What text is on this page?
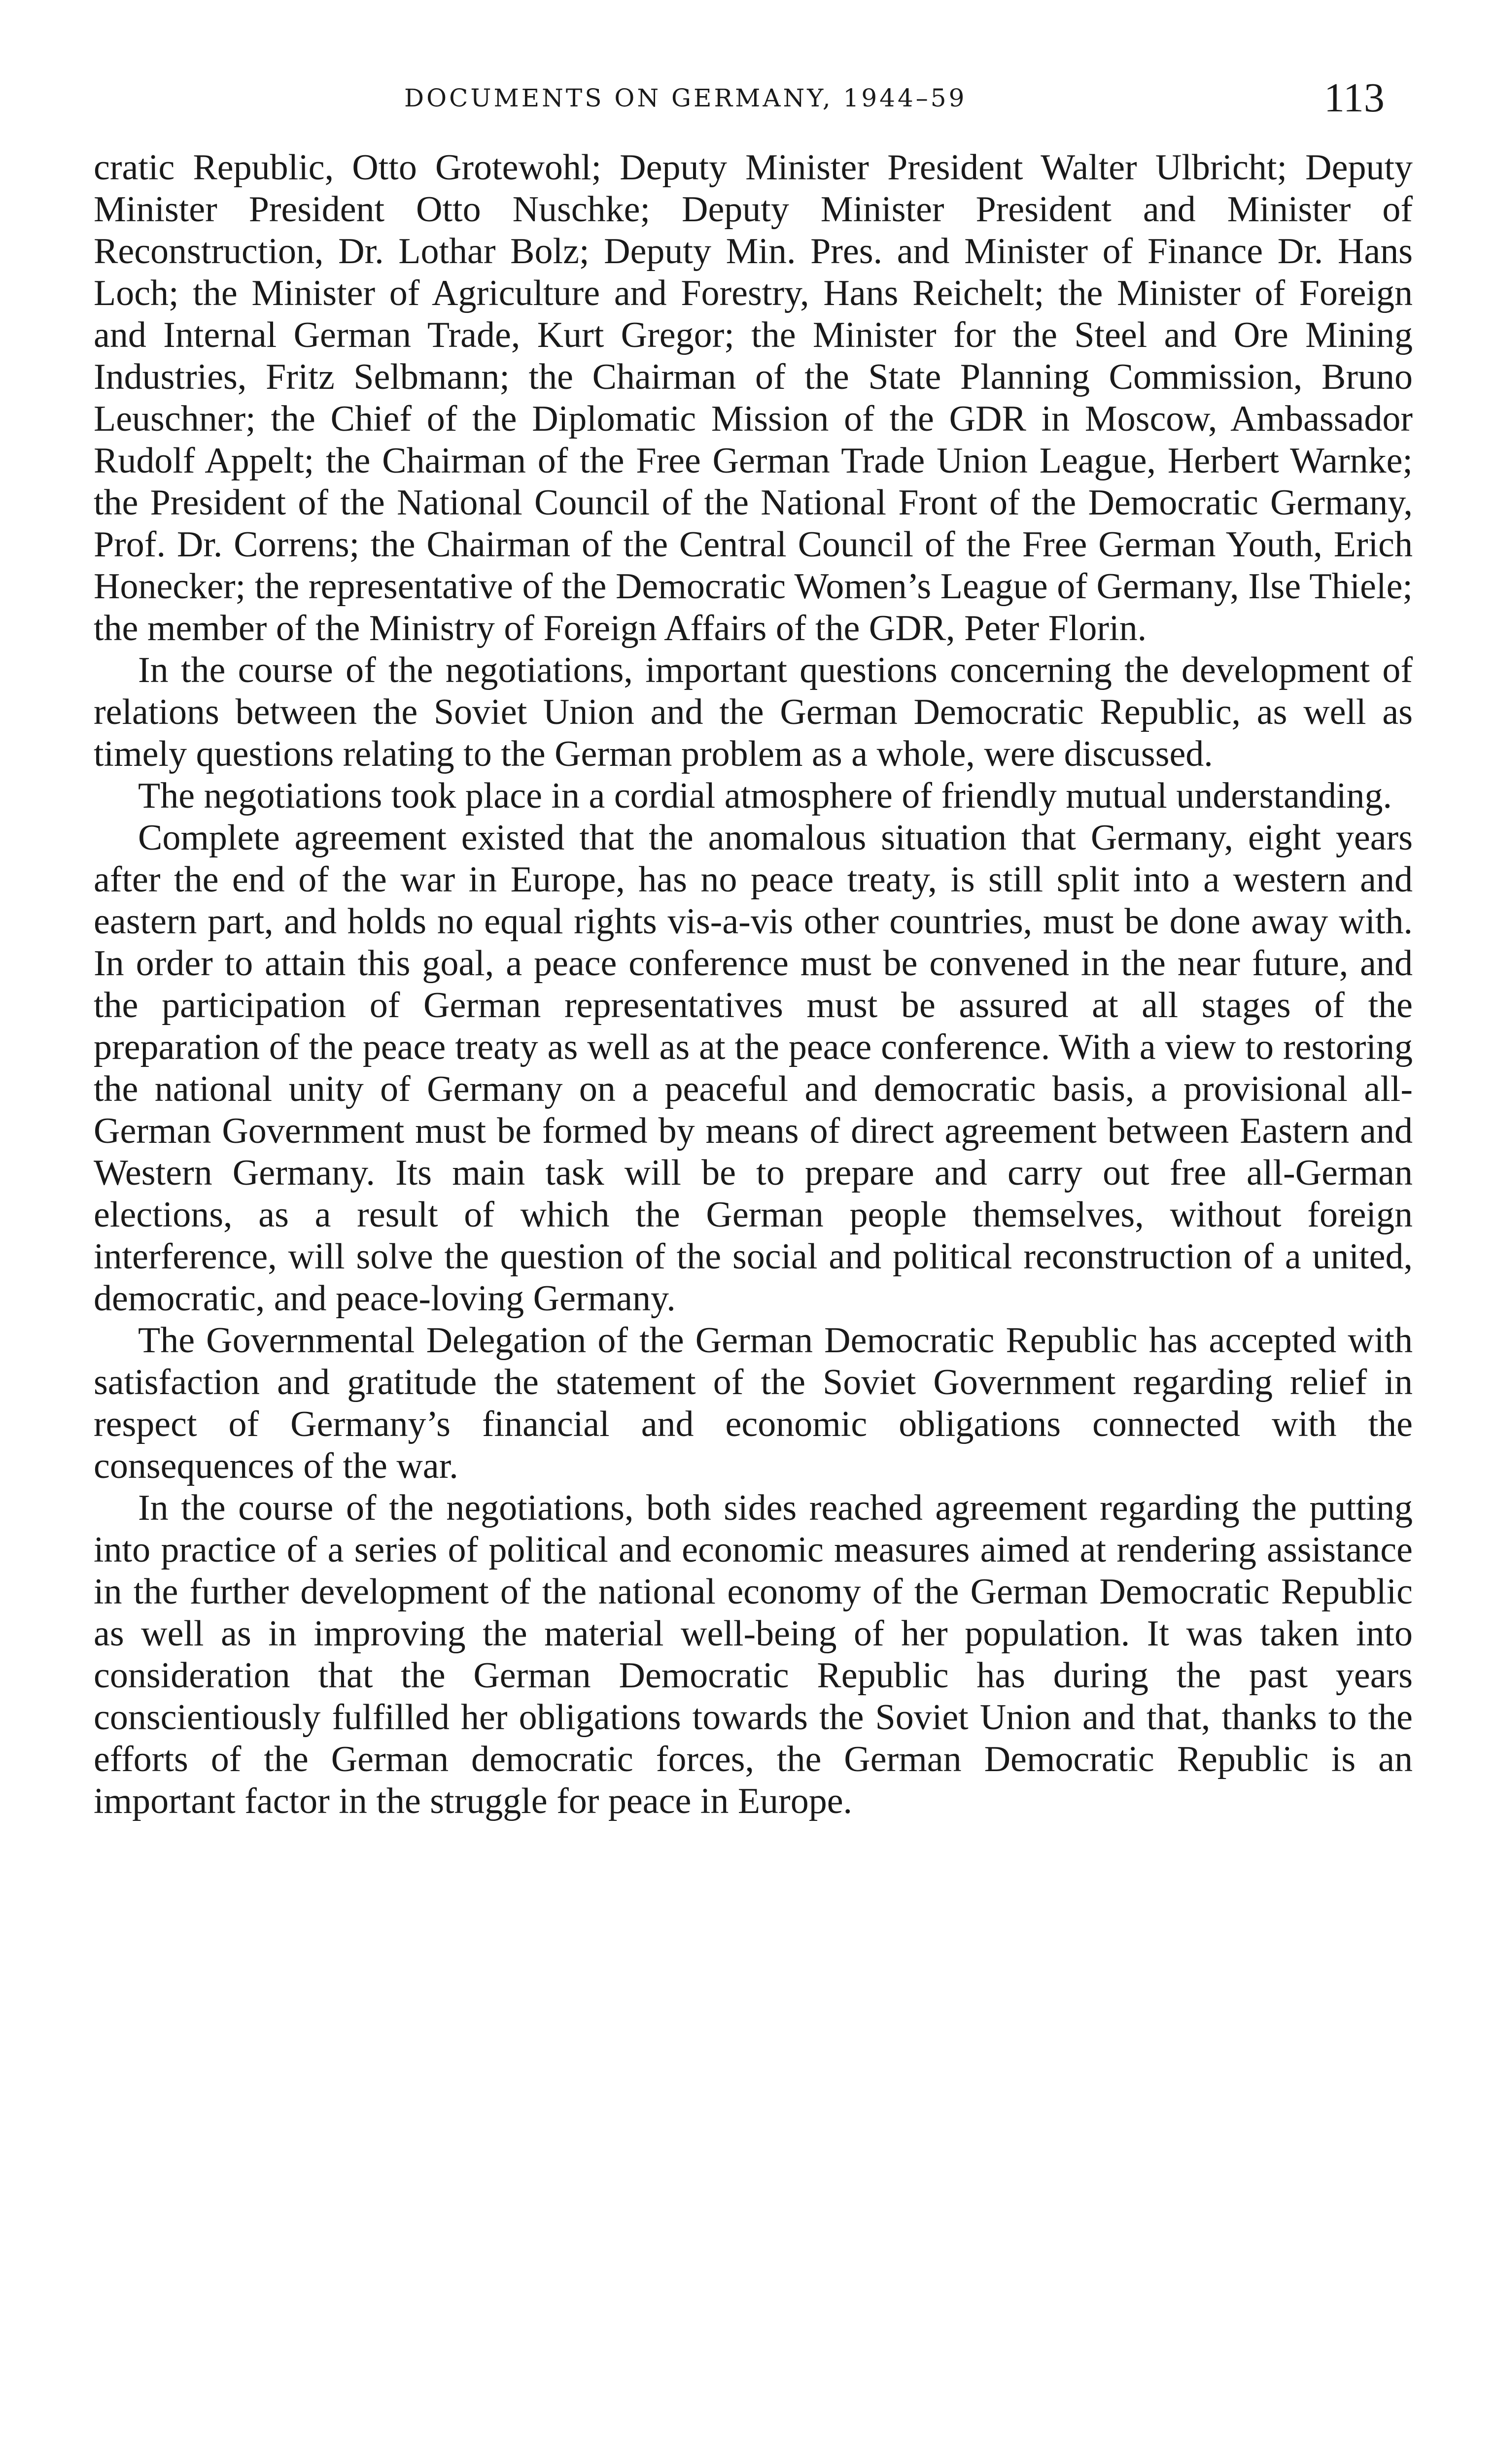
DOCUMENTS ON GERMANY, 1944–59	113

cratic Republic, Otto Grotewohl; Deputy Minister President Walter Ulbricht; Deputy Minister President Otto Nuschke; Deputy Minister President and Minister of Reconstruction, Dr. Lothar Bolz; Deputy Min. Pres. and Minister of Finance Dr. Hans Loch; the Minister of Agriculture and Forestry, Hans Reichelt; the Minister of Foreign and Internal German Trade, Kurt Gregor; the Minister for the Steel and Ore Mining Industries, Fritz Selbmann; the Chairman of the State Planning Commission, Bruno Leuschner; the Chief of the Diplomatic Mission of the GDR in Moscow, Ambassador Rudolf Appelt; the Chairman of the Free German Trade Union League, Herbert Warnke; the President of the National Council of the National Front of the Democratic Germany, Prof. Dr. Correns; the Chairman of the Central Council of the Free German Youth, Erich Honecker; the representative of the Democratic Women’s League of Germany, Ilse Thiele; the member of the Ministry of Foreign Affairs of the GDR, Peter Florin.

In the course of the negotiations, important questions concerning the development of relations between the Soviet Union and the German Democratic Republic, as well as timely questions relating to the German problem as a whole, were discussed.

The negotiations took place in a cordial atmosphere of friendly mutual understanding.

Complete agreement existed that the anomalous situation that Germany, eight years after the end of the war in Europe, has no peace treaty, is still split into a western and eastern part, and holds no equal rights vis-a-vis other countries, must be done away with. In order to attain this goal, a peace conference must be convened in the near future, and the participation of German representatives must be assured at all stages of the preparation of the peace treaty as well as at the peace conference. With a view to restoring the national unity of Germany on a peaceful and democratic basis, a provisional all-German Government must be formed by means of direct agreement between Eastern and Western Germany. Its main task will be to prepare and carry out free all-German elections, as a result of which the German people themselves, without foreign interference, will solve the question of the social and political reconstruction of a united, democratic, and peace-loving Germany.

The Governmental Delegation of the German Democratic Republic has accepted with satisfaction and gratitude the statement of the Soviet Government regarding relief in respect of Germany’s financial and economic obligations connected with the consequences of the war.

In the course of the negotiations, both sides reached agreement regarding the putting into practice of a series of political and economic measures aimed at rendering assistance in the further development of the national economy of the German Democratic Republic as well as in improving the material well-being of her population. It was taken into consideration that the German Democratic Republic has during the past years conscientiously fulfilled her obligations towards the Soviet Union and that, thanks to the efforts of the German democratic forces, the German Democratic Republic is an important factor in the struggle for peace in Europe.
